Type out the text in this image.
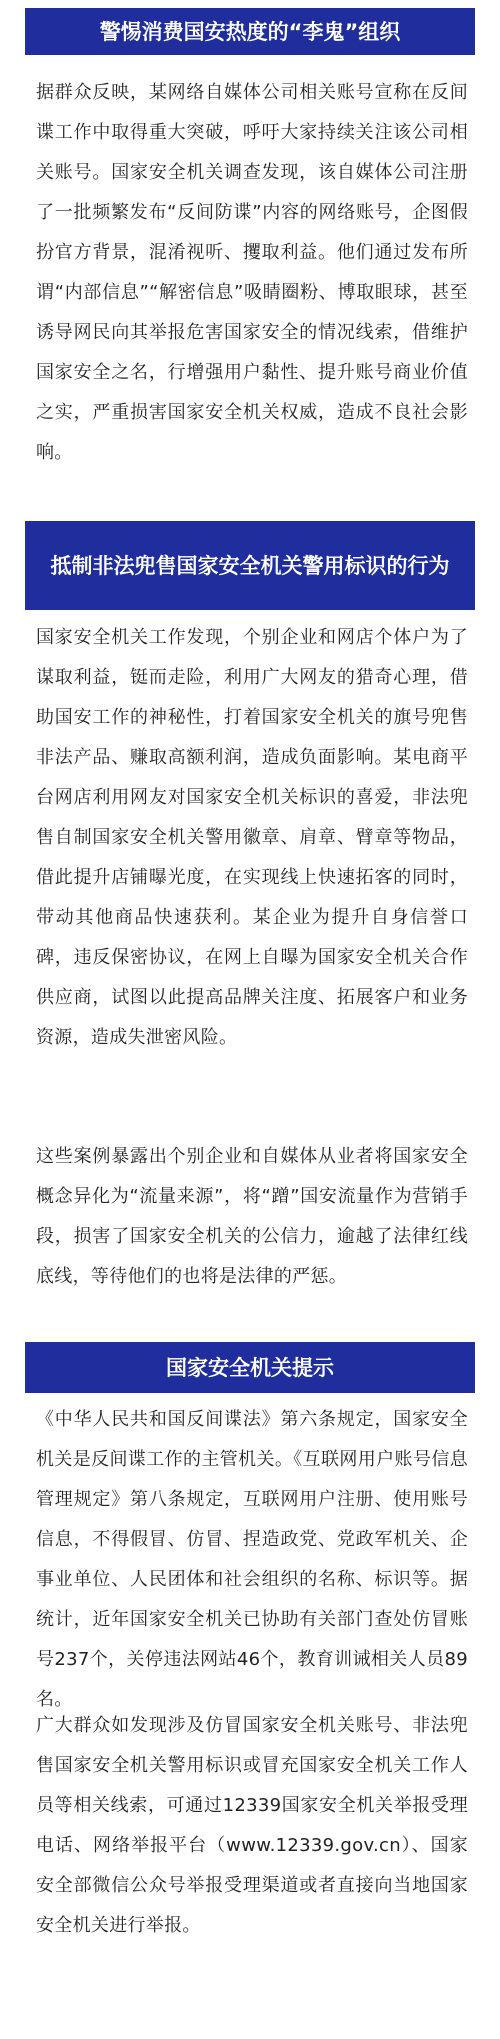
警惕消费国安热度的“李鬼”组织

据群众反映，某网络自媒体公司相关账号宣称在反间谍工作中取得重大突破，呼吁大家持续关注该公司相关账号。国家安全机关调查发现，该自媒体公司注册了一批频繁发布“反间防谍”内容的网络账号，企图假扮官方背景，混淆视听、攫取利益。他们通过发布所谓“内部信息”“解密信息”吸睛圈粉、博取眼球，甚至诱导网民向其举报危害国家安全的情况线索，借维护国家安全之名，行增强用户黏性、提升账号商业价值之实，严重损害国家安全机关权威，造成不良社会影响。

抵制非法兜售国家安全机关警用标识的行为

国家安全机关工作发现，个别企业和网店个体户为了谋取利益，铤而走险，利用广大网友的猎奇心理，借助国安工作的神秘性，打着国家安全机关的旗号兜售非法产品、赚取高额利润，造成负面影响。某电商平台网店利用网友对国家安全机关标识的喜爱，非法兜售自制国家安全机关警用徽章、肩章、臂章等物品，借此提升店铺曝光度，在实现线上快速拓客的同时，带动其他商品快速获利。某企业为提升自身信誉口碑，违反保密协议，在网上自曝为国家安全机关合作供应商，试图以此提高品牌关注度、拓展客户和业务资源，造成失泄密风险。

这些案例暴露出个别企业和自媒体从业者将国家安全概念异化为“流量来源”，将“蹭”国安流量作为营销手段，损害了国家安全机关的公信力，逾越了法律红线底线，等待他们的也将是法律的严惩。

国家安全机关提示

《中华人民共和国反间谍法》第六条规定，国家安全机关是反间谍工作的主管机关。《互联网用户账号信息管理规定》第八条规定，互联网用户注册、使用账号信息，不得假冒、仿冒、捏造政党、党政军机关、企事业单位、人民团体和社会组织的名称、标识等。据统计，近年国家安全机关已协助有关部门查处仿冒账号237个，关停违法网站46个，教育训诫相关人员89名。

广大群众如发现涉及仿冒国家安全机关账号、非法兜售国家安全机关警用标识或冒充国家安全机关工作人员等相关线索，可通过12339国家安全机关举报受理电话、网络举报平台（www.12339.gov.cn）、国家安全部微信公众号举报受理渠道或者直接向当地国家安全机关进行举报。
